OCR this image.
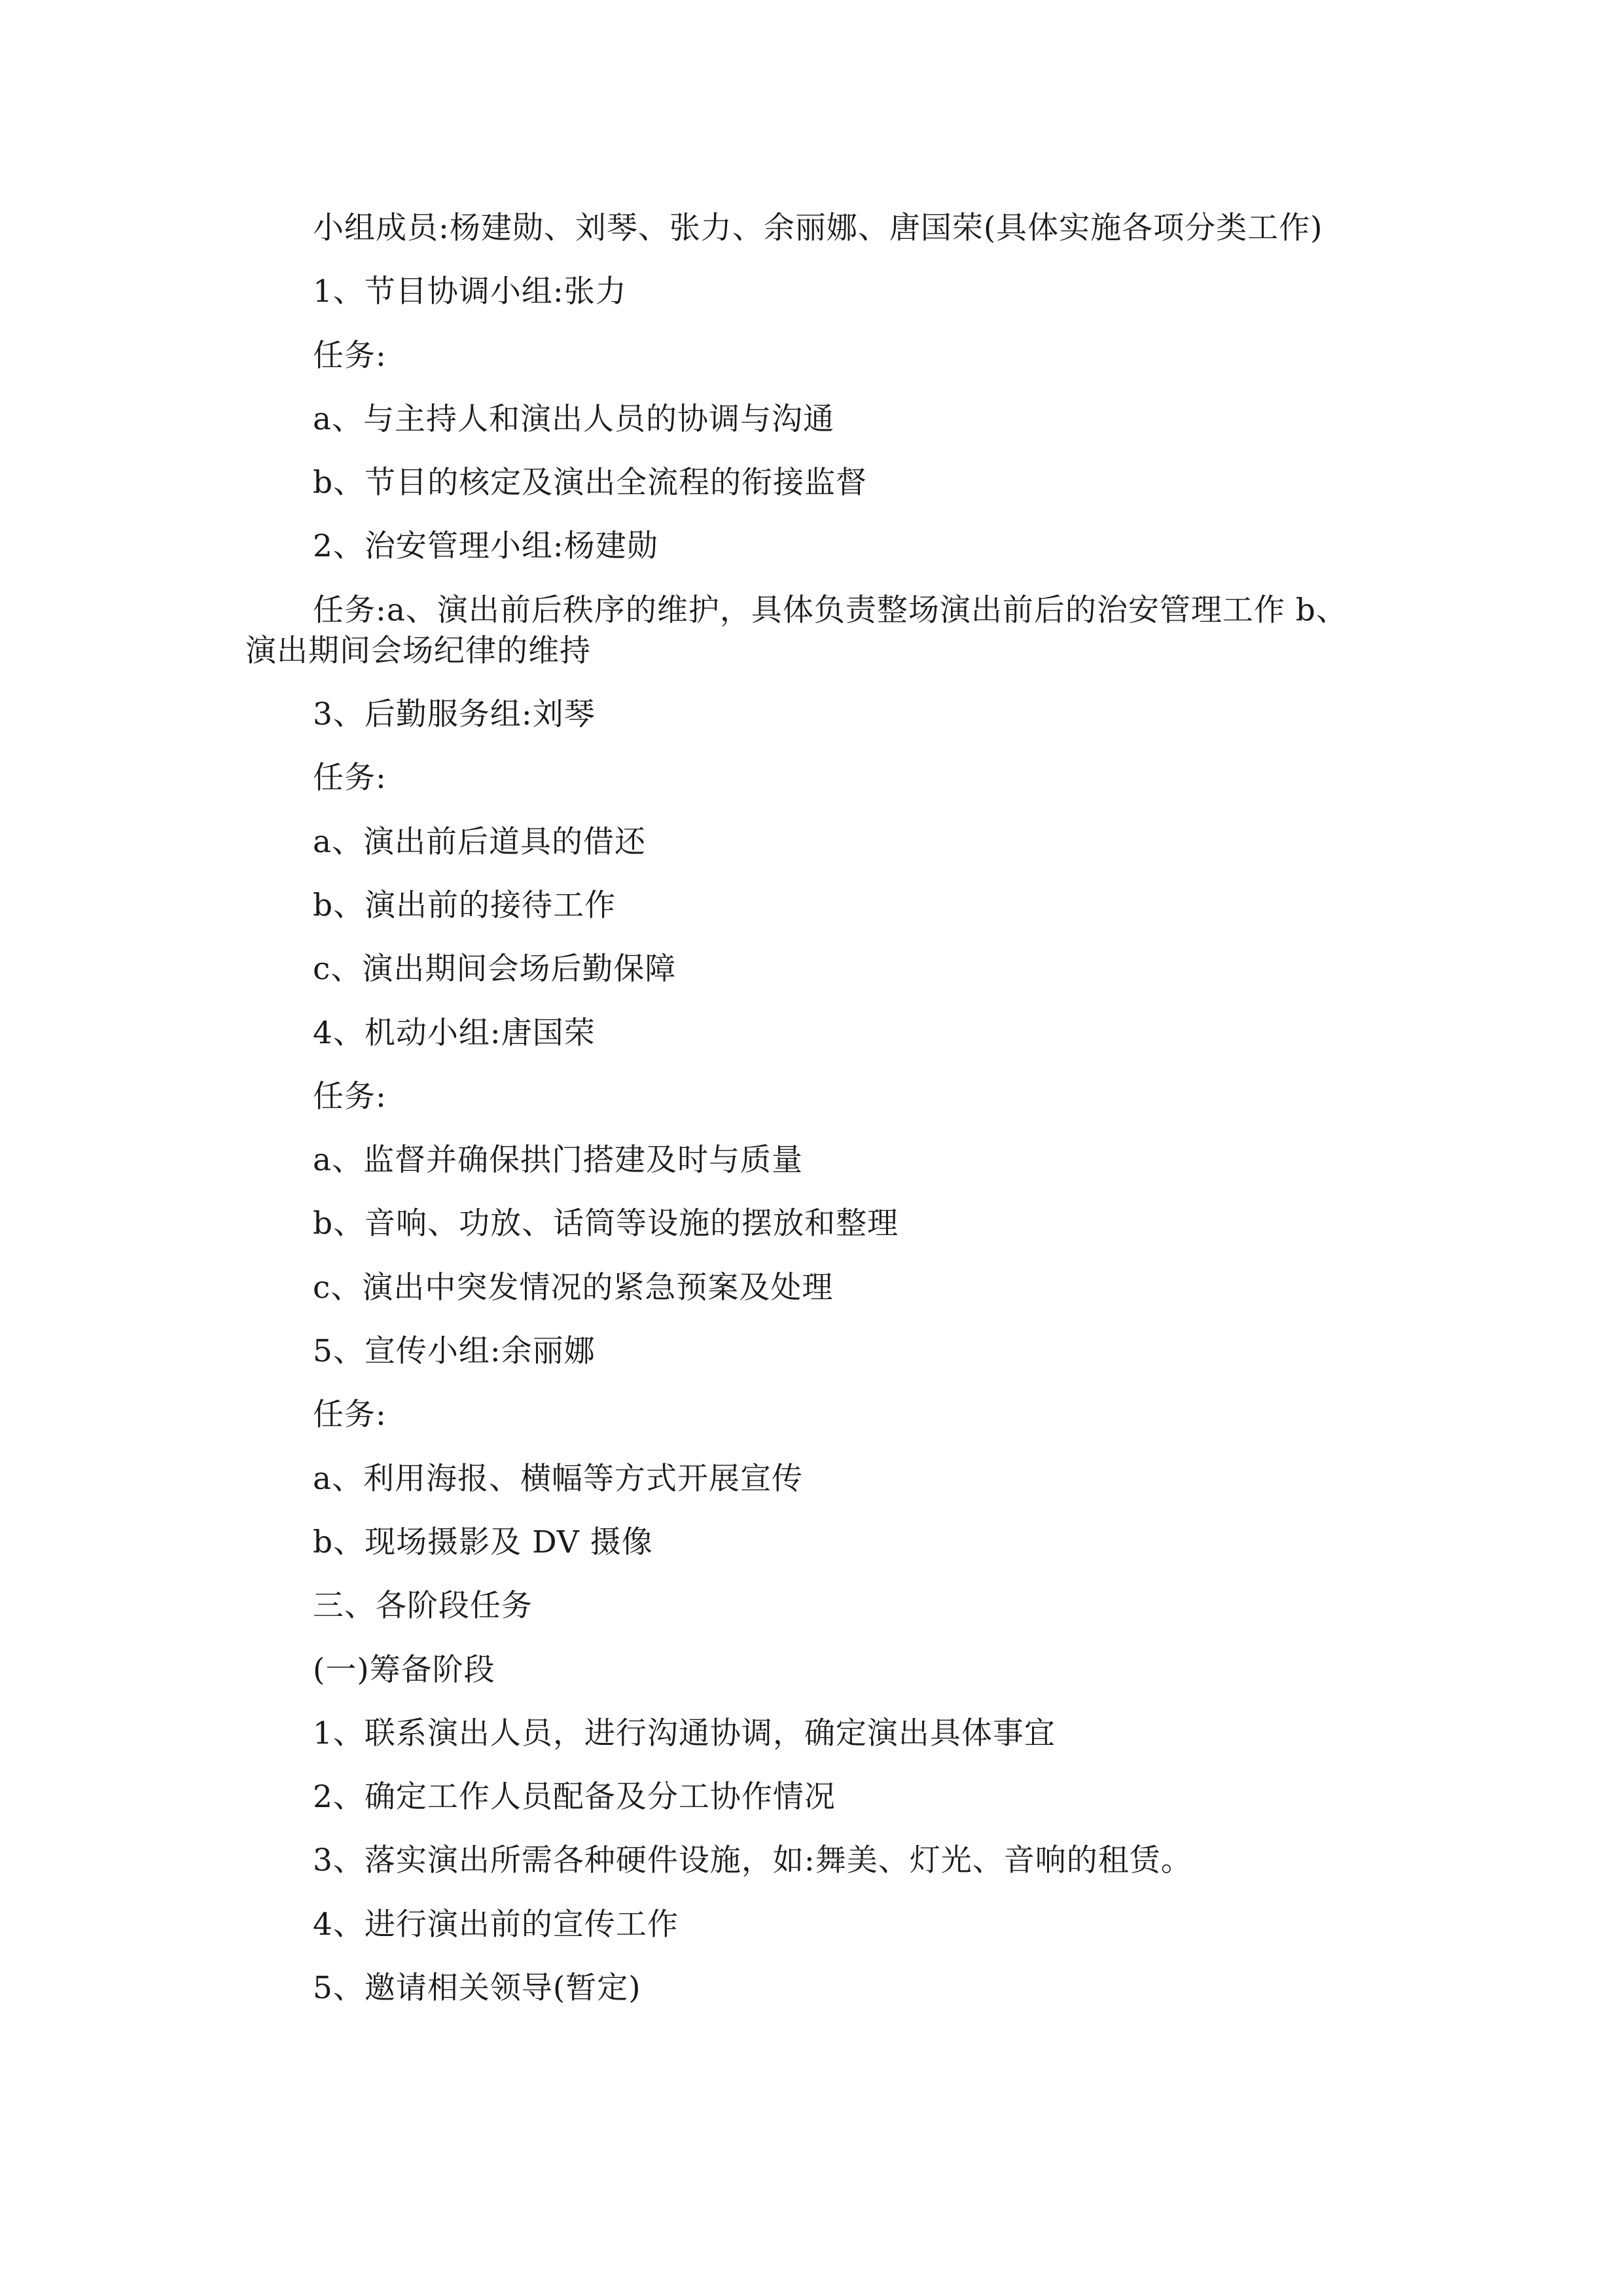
小组成员:杨建勋、刘琴、张力、余丽娜、唐国荣(具体实施各项分类工作)
1、节目协调小组:张力
任务:
a、与主持人和演出人员的协调与沟通
b、节目的核定及演出全流程的衔接监督
2、治安管理小组:杨建勋
任务:a、演出前后秩序的维护，具体负责整场演出前后的治安管理工作 b、
演出期间会场纪律的维持
3、后勤服务组:刘琴
任务:
a、演出前后道具的借还
b、演出前的接待工作
c、演出期间会场后勤保障
4、机动小组:唐国荣
任务:
a、监督并确保拱门搭建及时与质量
b、音响、功放、话筒等设施的摆放和整理
c、演出中突发情况的紧急预案及处理
5、宣传小组:余丽娜
任务:
a、利用海报、横幅等方式开展宣传
b、现场摄影及 DV 摄像
三、各阶段任务
(一)筹备阶段
1、联系演出人员，进行沟通协调，确定演出具体事宜
2、确定工作人员配备及分工协作情况
3、落实演出所需各种硬件设施，如:舞美、灯光、音响的租赁。
4、进行演出前的宣传工作
5、邀请相关领导(暂定)
